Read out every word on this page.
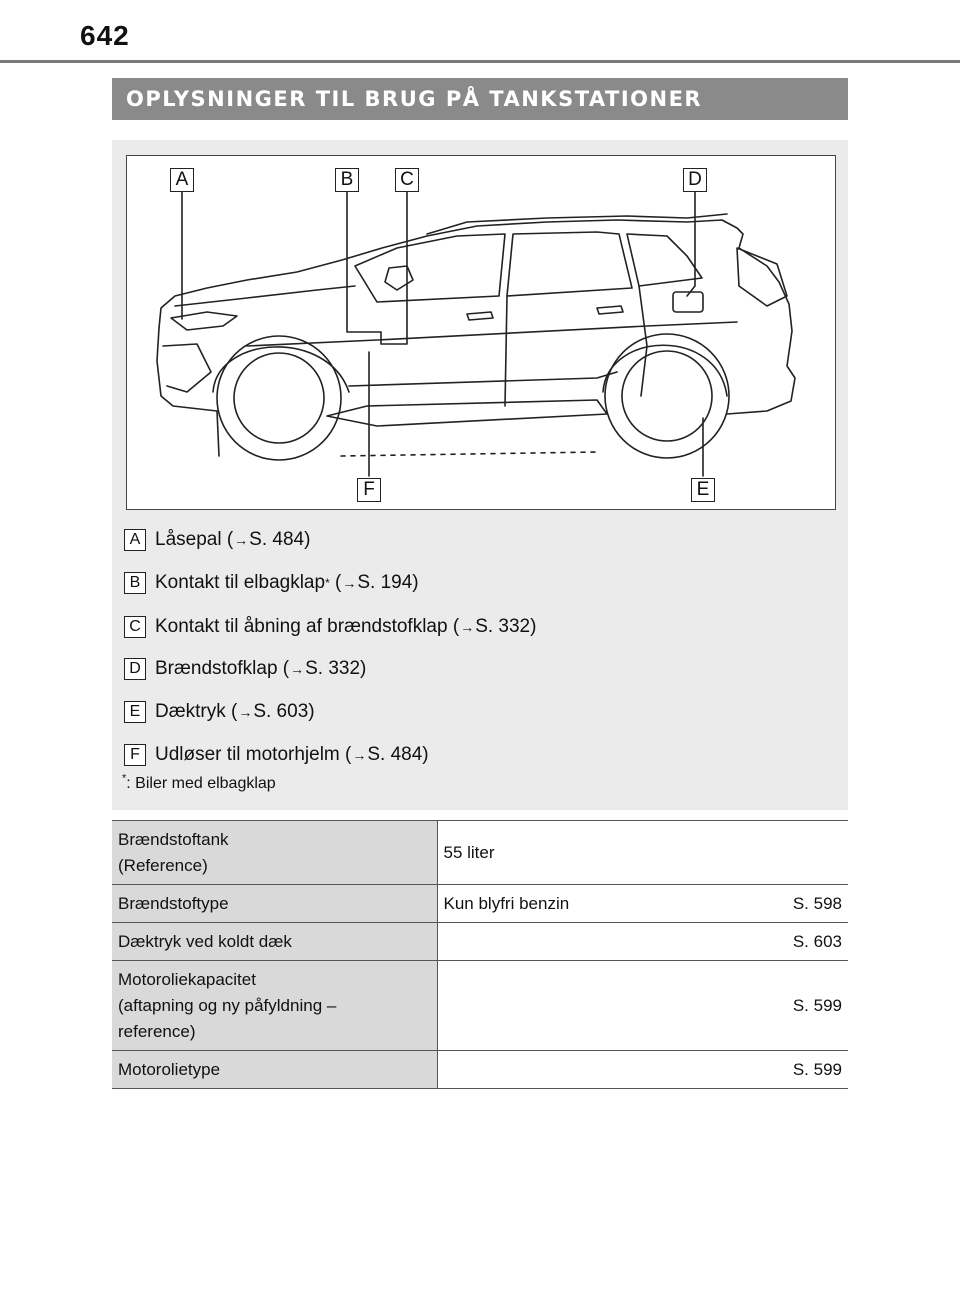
642
OPLYSNINGER TIL BRUG PÅ TANKSTATIONER
A	B C	D
E
F
A Låsepal ( → S. 484)
B Kontakt til elbagklap * ( → S. 194)
C Kontakt til åbning af brændstofklap ( → S. 332)
D Brændstofklap ( → S. 332)
E Dæktryk ( → S. 603)
F Udløser til motorhjelm ( → S. 484)
*: Biler med elbagklap
Brændstoftank
(Reference)	55 liter

Brændstoftype	Kun blyfri benzin S. 598

Dæktryk ved koldt dæk	S. 603

Motoroliekapacitet
(aftapning og ny påfyldning –
reference)	S. 599

Motorolietype	S. 599
